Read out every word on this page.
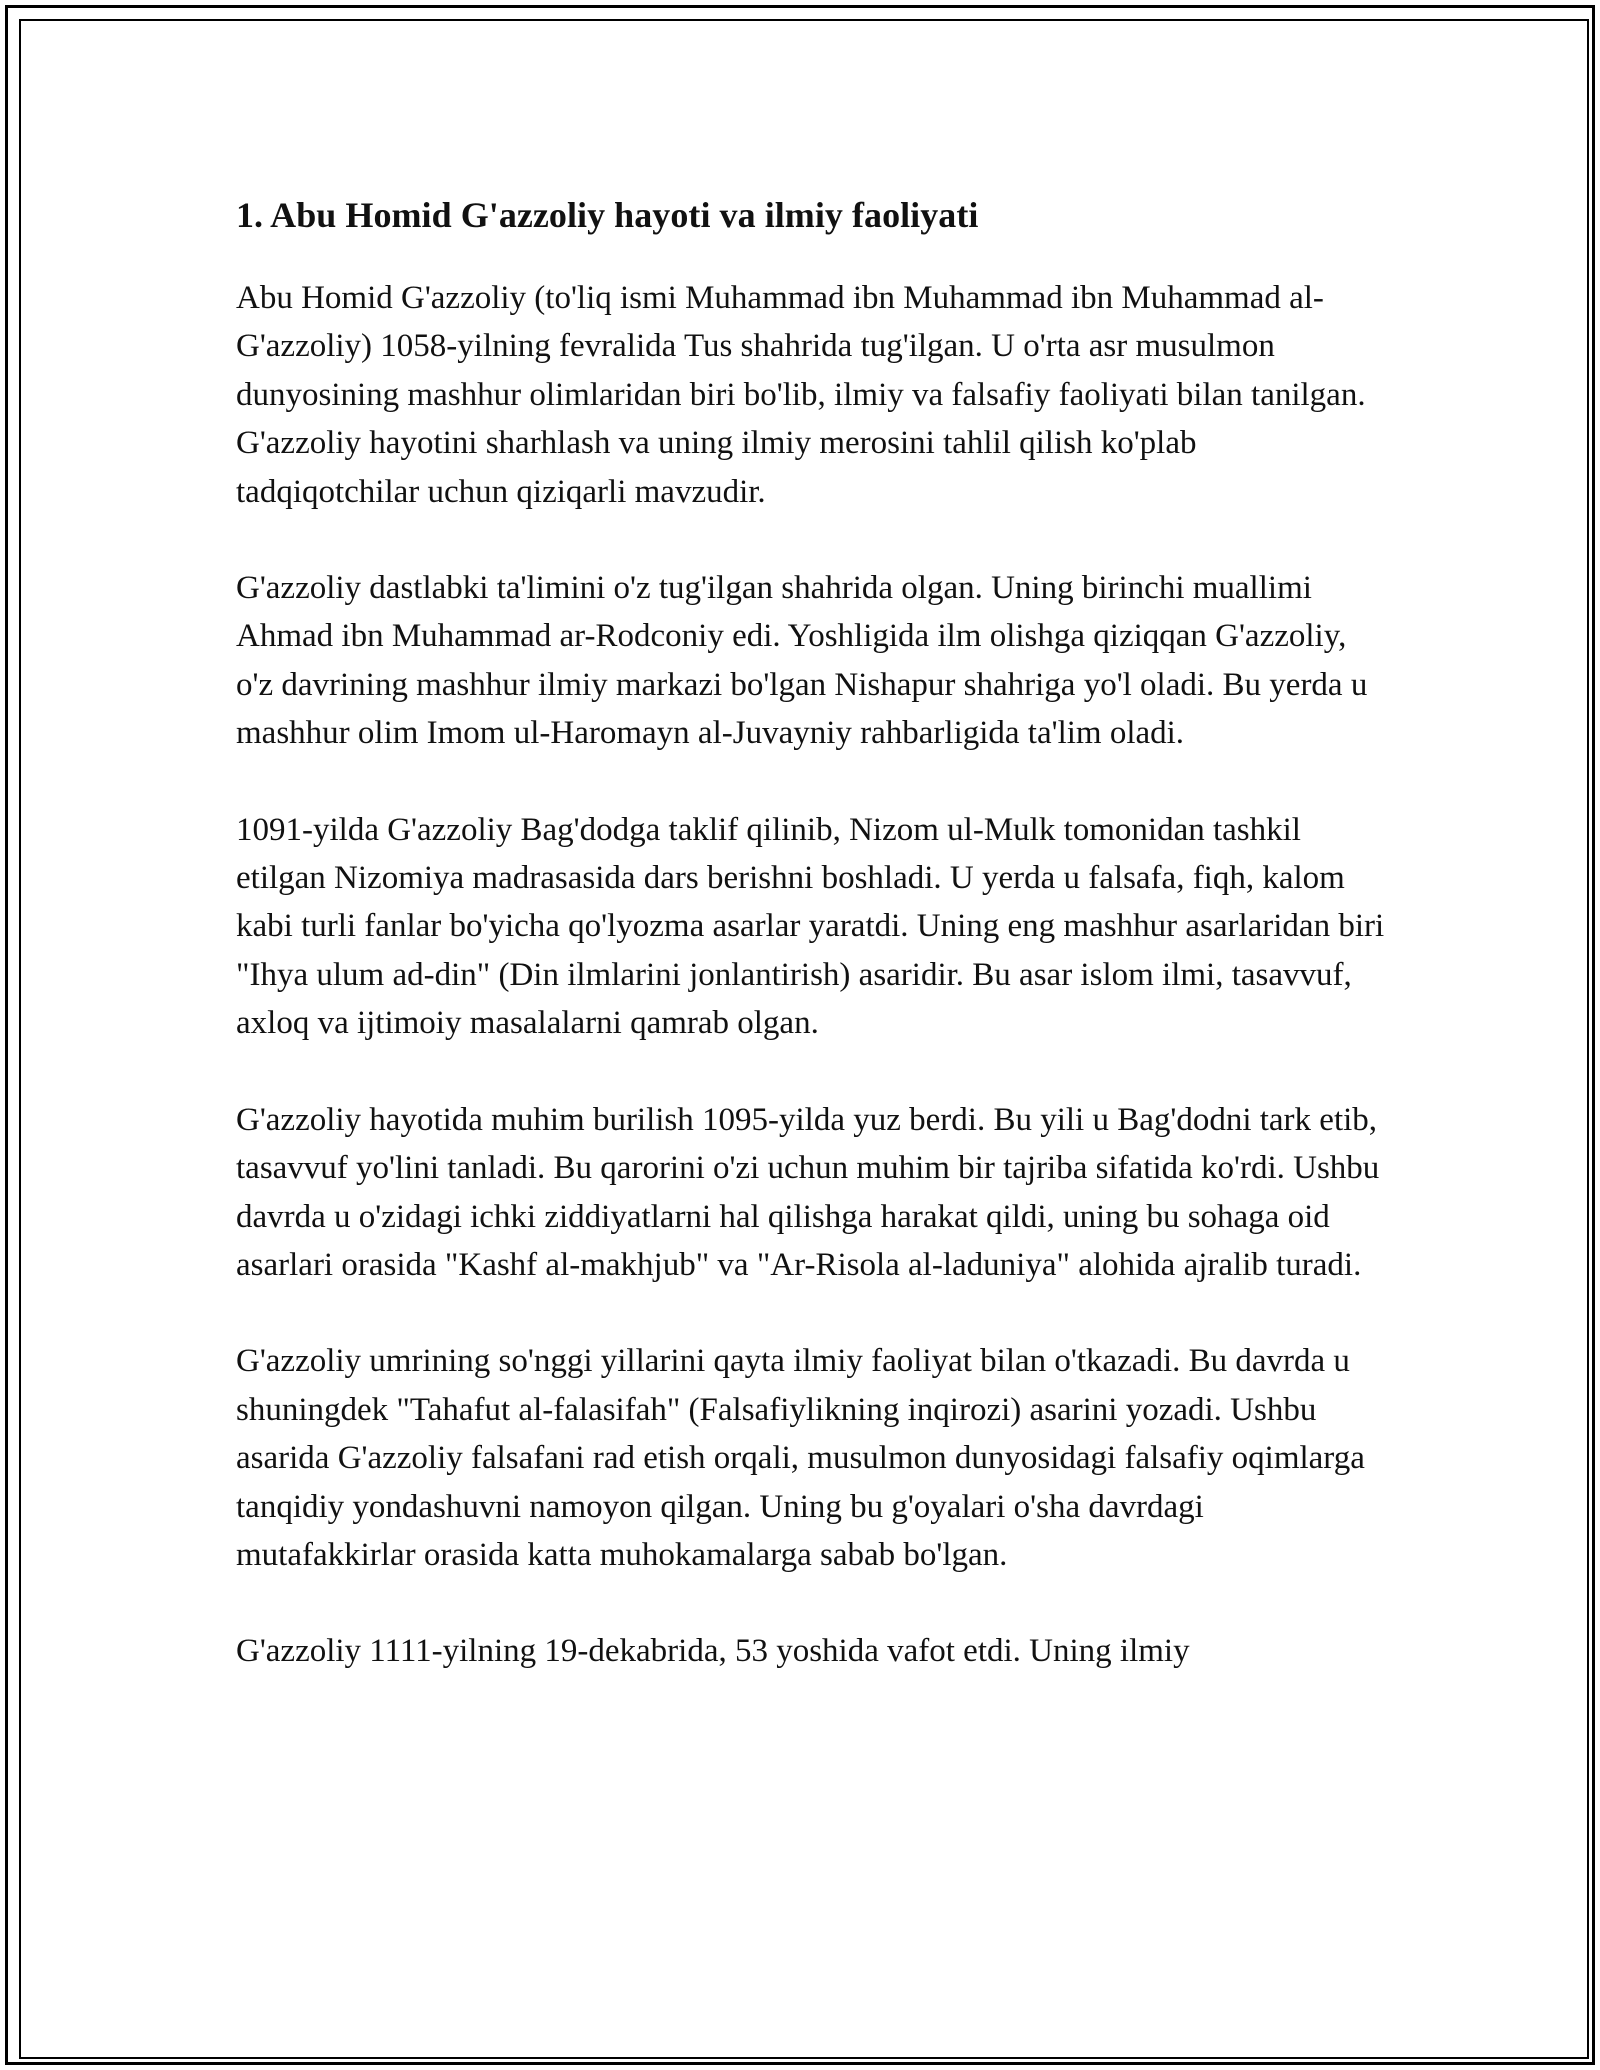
1. Abu Homid G'azzoliy hayoti va ilmiy faoliyati

Abu Homid G'azzoliy (to'liq ismi Muhammad ibn Muhammad ibn Muhammad al-G'azzoliy) 1058-yilning fevralida Tus shahrida tug'ilgan. U o'rta asr musulmon dunyosining mashhur olimlaridan biri bo'lib, ilmiy va falsafiy faoliyati bilan tanilgan. G'azzoliy hayotini sharhlash va uning ilmiy merosini tahlil qilish ko'plab tadqiqotchilar uchun qiziqarli mavzudir.

G'azzoliy dastlabki ta'limini o'z tug'ilgan shahrida olgan. Uning birinchi muallimi Ahmad ibn Muhammad ar-Rodconiy edi. Yoshligida ilm olishga qiziqqan G'azzoliy, o'z davrining mashhur ilmiy markazi bo'lgan Nishapur shahriga yo'l oladi. Bu yerda u mashhur olim Imom ul-Haromayn al-Juvayniy rahbarligida ta'lim oladi.

1091-yilda G'azzoliy Bag'dodga taklif qilinib, Nizom ul-Mulk tomonidan tashkil etilgan Nizomiya madrasasida dars berishni boshladi. U yerda u falsafa, fiqh, kalom kabi turli fanlar bo'yicha qo'lyozma asarlar yaratdi. Uning eng mashhur asarlaridan biri "Ihya ulum ad-din" (Din ilmlarini jonlantirish) asaridir. Bu asar islom ilmi, tasavvuf, axloq va ijtimoiy masalalarni qamrab olgan.

G'azzoliy hayotida muhim burilish 1095-yilda yuz berdi. Bu yili u Bag'dodni tark etib, tasavvuf yo'lini tanladi. Bu qarorini o'zi uchun muhim bir tajriba sifatida ko'rdi. Ushbu davrda u o'zidagi ichki ziddiyatlarni hal qilishga harakat qildi, uning bu sohaga oid asarlari orasida "Kashf al-makhjub" va "Ar-Risola al-laduniya" alohida ajralib turadi.

G'azzoliy umrining so'nggi yillarini qayta ilmiy faoliyat bilan o'tkazadi. Bu davrda u shuningdek "Tahafut al-falasifah" (Falsafiylikning inqirozi) asarini yozadi. Ushbu asarida G'azzoliy falsafani rad etish orqali, musulmon dunyosidagi falsafiy oqimlarga tanqidiy yondashuvni namoyon qilgan. Uning bu g'oyalari o'sha davrdagi mutafakkirlar orasida katta muhokamalarga sabab bo'lgan.

G'azzoliy 1111-yilning 19-dekabrida, 53 yoshida vafot etdi. Uning ilmiy
